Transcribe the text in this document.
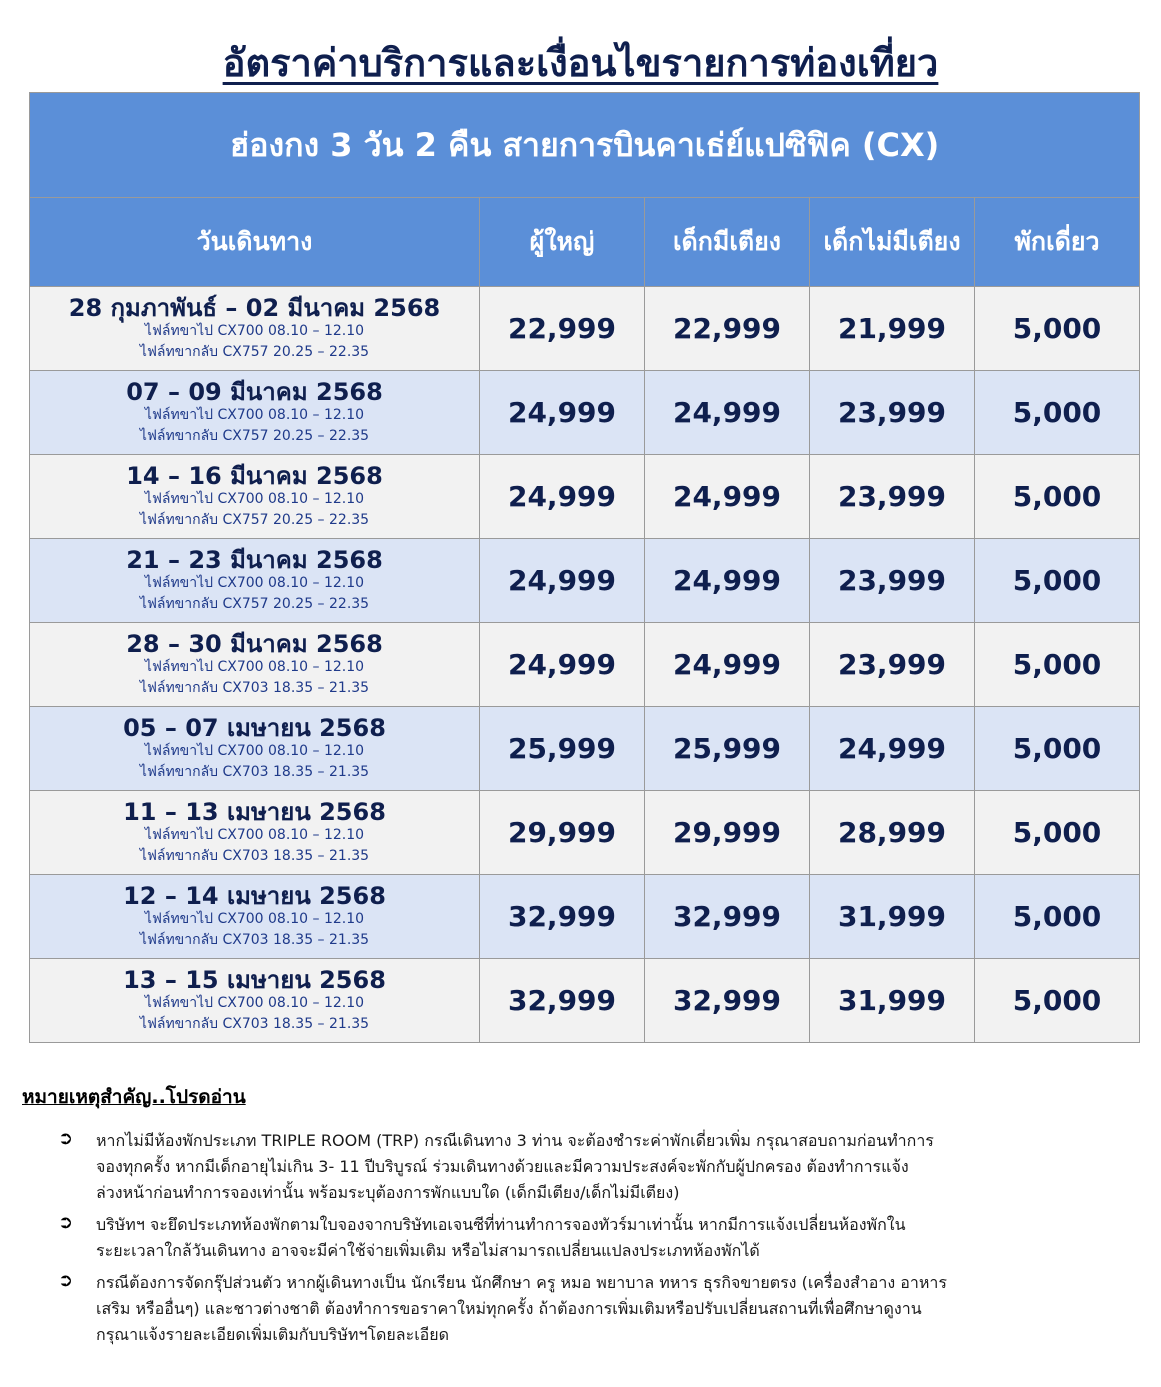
อัตราค่าบริการและเงื่อนไขรายการท่องเที่ยว
ฮ่องกง 3 วัน 2 คืน สายการบินคาเธ่ย์แปซิฟิค (CX)				
วันเดินทาง	ผู้ใหญ่	เด็กมีเตียง	เด็กไม่มีเตียง	พักเดี่ยว

28 กุมภาพันธ์ – 02 มีนาคม 2568
ไฟล์ทขาไป CX700 08.10 – 12.10
ไฟล์ทขากลับ CX757 20.25 – 22.35	22,999	22,999	21,999	5,000

07 – 09 มีนาคม 2568
ไฟล์ทขาไป CX700 08.10 – 12.10
ไฟล์ทขากลับ CX757 20.25 – 22.35	24,999	24,999	23,999	5,000

14 – 16 มีนาคม 2568
ไฟล์ทขาไป CX700 08.10 – 12.10
ไฟล์ทขากลับ CX757 20.25 – 22.35	24,999	24,999	23,999	5,000

21 – 23 มีนาคม 2568
ไฟล์ทขาไป CX700 08.10 – 12.10
ไฟล์ทขากลับ CX757 20.25 – 22.35	24,999	24,999	23,999	5,000

28 – 30 มีนาคม 2568
ไฟล์ทขาไป CX700 08.10 – 12.10
ไฟล์ทขากลับ CX703 18.35 – 21.35	24,999	24,999	23,999	5,000

05 – 07 เมษายน 2568
ไฟล์ทขาไป CX700 08.10 – 12.10
ไฟล์ทขากลับ CX703 18.35 – 21.35	25,999	25,999	24,999	5,000

11 – 13 เมษายน 2568
ไฟล์ทขาไป CX700 08.10 – 12.10
ไฟล์ทขากลับ CX703 18.35 – 21.35	29,999	29,999	28,999	5,000

12 – 14 เมษายน 2568
ไฟล์ทขาไป CX700 08.10 – 12.10
ไฟล์ทขากลับ CX703 18.35 – 21.35	32,999	32,999	31,999	5,000

13 – 15 เมษายน 2568
ไฟล์ทขาไป CX700 08.10 – 12.10
ไฟล์ทขากลับ CX703 18.35 – 21.35	32,999	32,999	31,999	5,000
หมายเหตุสำคัญ..โปรดอ่าน
➲ หากไม่มีห้องพักประเภท TRIPLE ROOM (TRP) กรณีเดินทาง 3 ท่าน จะต้องชำระค่าพักเดี่ยวเพิ่ม กรุณาสอบถามก่อนทำการ
จองทุกครั้ง หากมีเด็กอายุไม่เกิน 3- 11 ปีบริบูรณ์ ร่วมเดินทางด้วยและมีความประสงค์จะพักกับผู้ปกครอง ต้องทำการแจ้ง
ล่วงหน้าก่อนทำการจองเท่านั้น พร้อมระบุต้องการพักแบบใด (เด็กมีเตียง/เด็กไม่มีเตียง)
➲ บริษัทฯ จะยึดประเภทห้องพักตามใบจองจากบริษัทเอเจนซีที่ท่านทำการจองทัวร์มาเท่านั้น หากมีการแจ้งเปลี่ยนห้องพักใน
ระยะเวลาใกล้วันเดินทาง อาจจะมีค่าใช้จ่ายเพิ่มเติม หรือไม่สามารถเปลี่ยนแปลงประเภทห้องพักได้
➲ กรณีต้องการจัดกรุ๊ปส่วนตัว หากผู้เดินทางเป็น นักเรียน นักศึกษา ครู หมอ พยาบาล ทหาร ธุรกิจขายตรง (เครื่องสำอาง อาหาร
เสริม หรืออื่นๆ) และชาวต่างชาติ ต้องทำการขอราคาใหม่ทุกครั้ง ถ้าต้องการเพิ่มเติมหรือปรับเปลี่ยนสถานที่เพื่อศึกษาดูงาน
กรุณาแจ้งรายละเอียดเพิ่มเติมกับบริษัทฯโดยละเอียด
